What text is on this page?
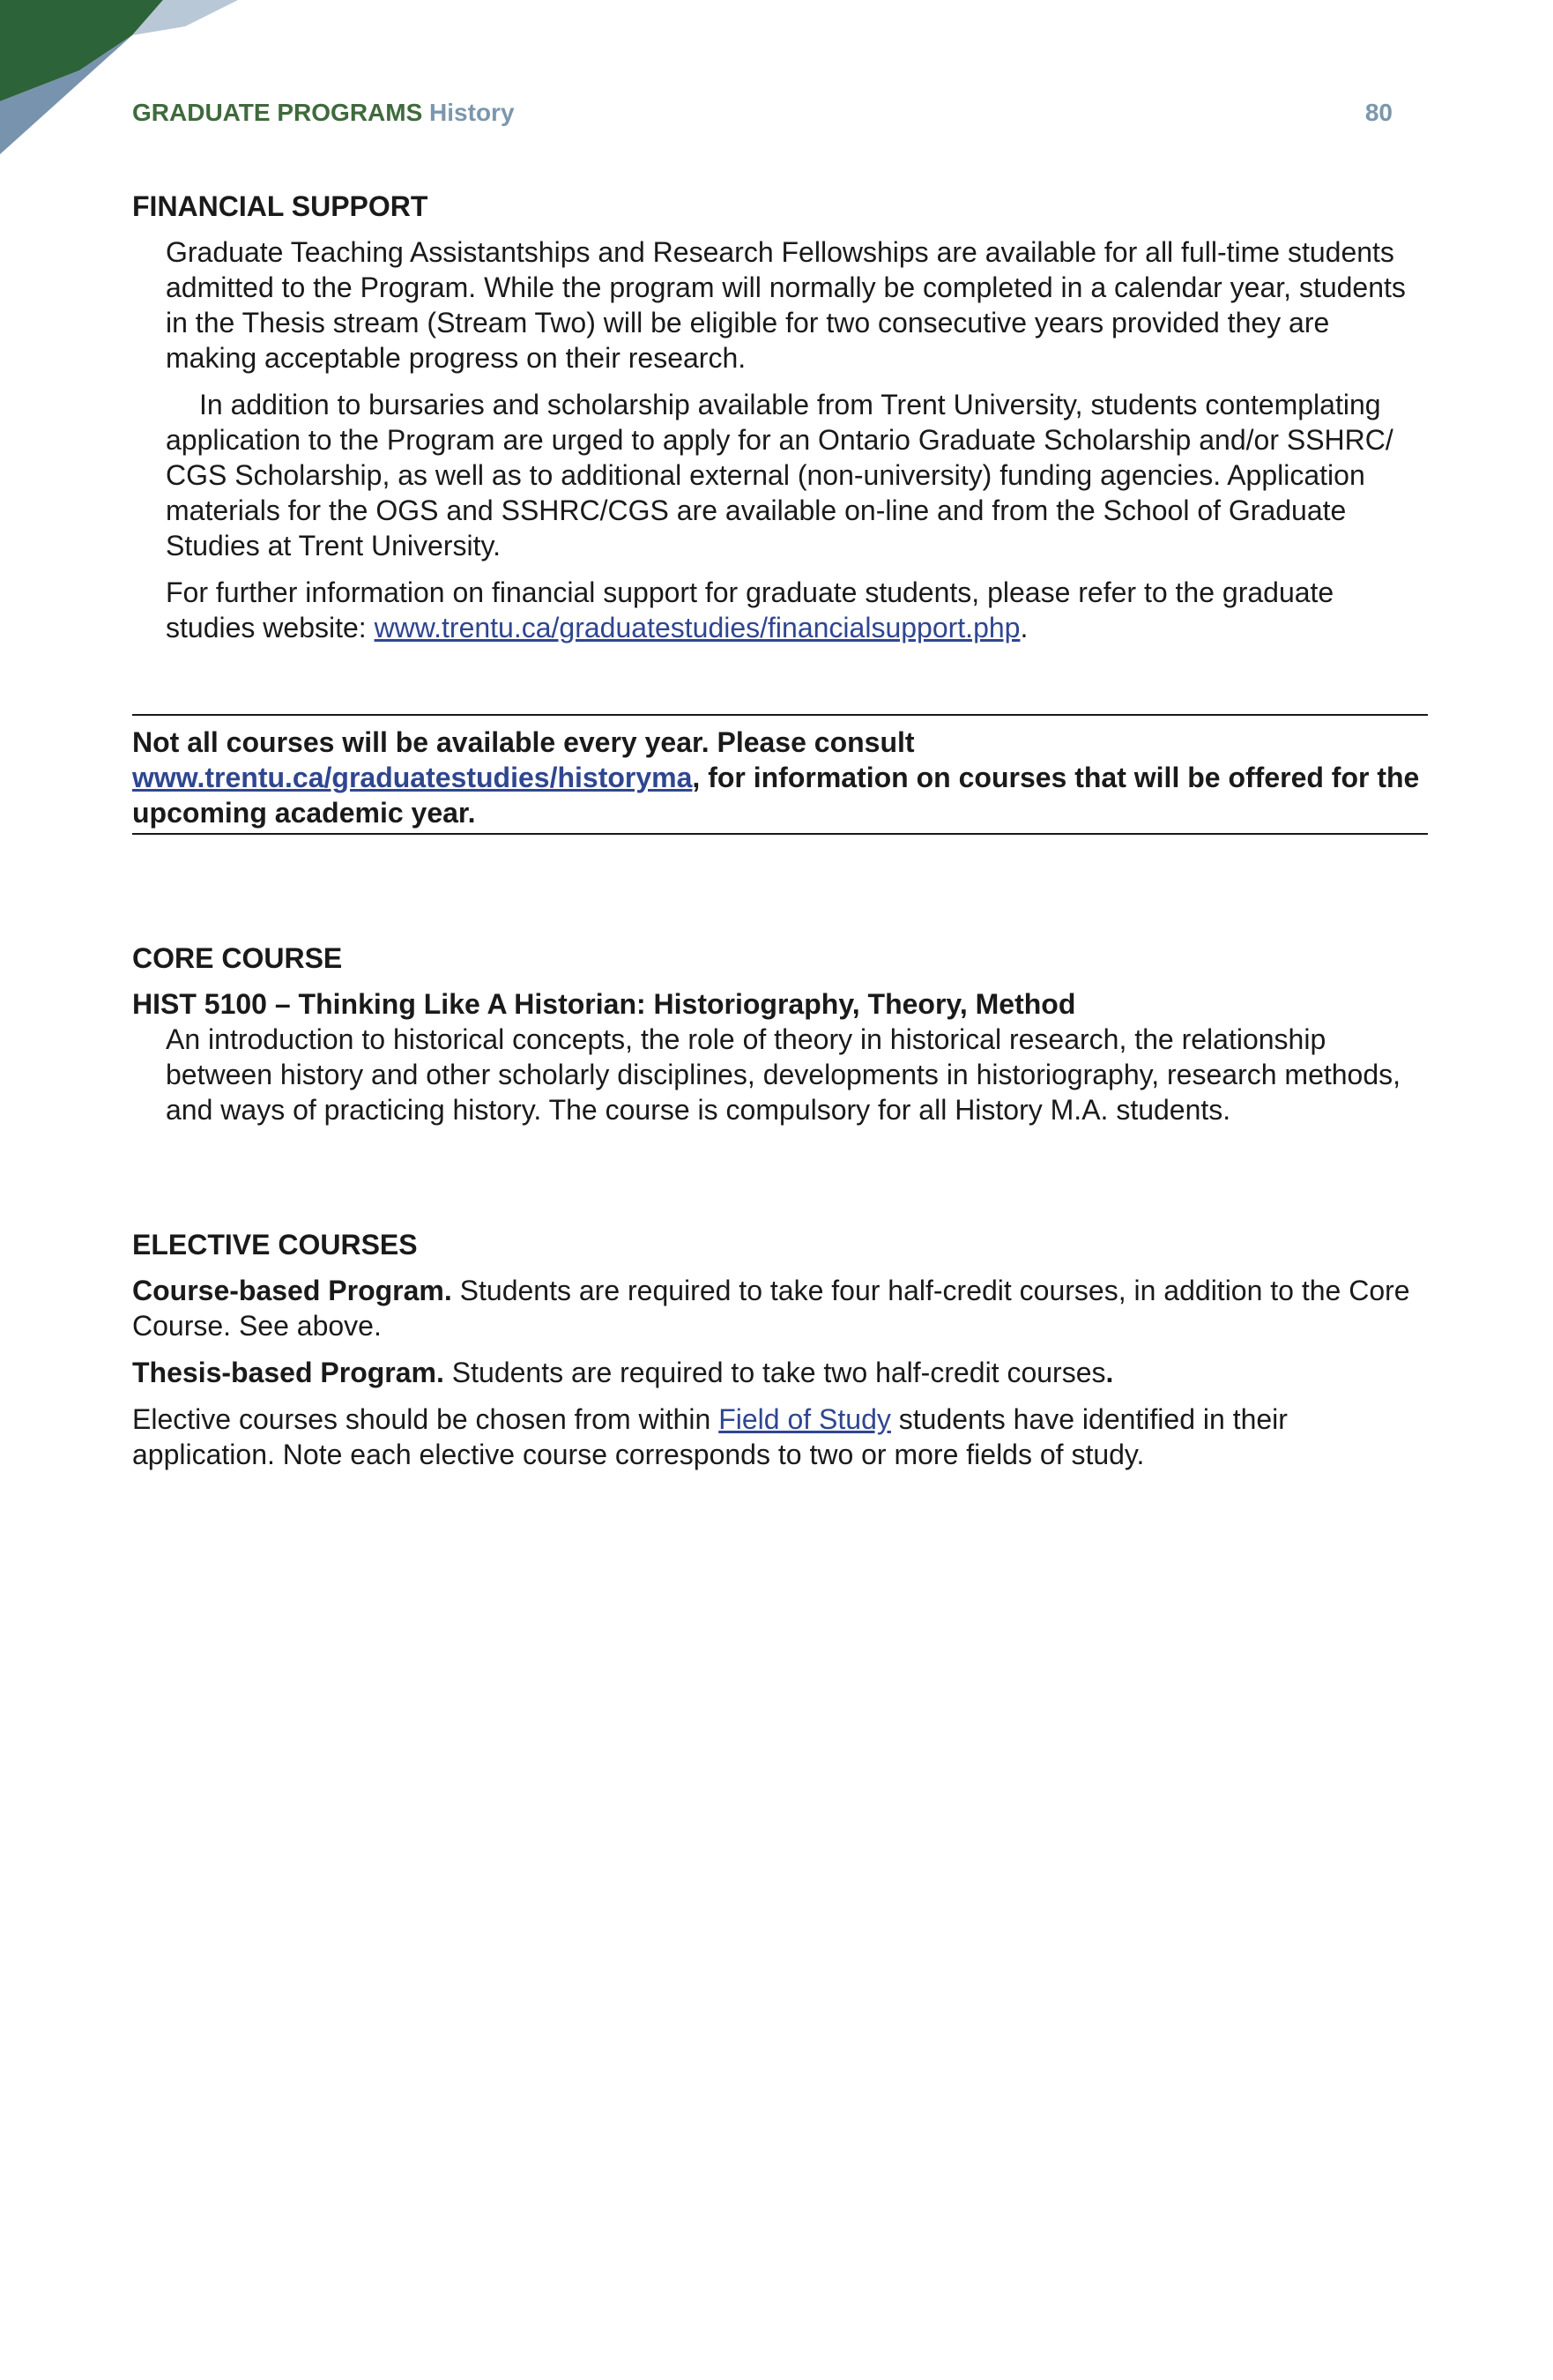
GRADUATE PROGRAMS History	80
FINANCIAL SUPPORT

Graduate Teaching Assistantships and Research Fellowships are available for all full-time students admitted to the Program. While the program will normally be completed in a calendar year, students in the Thesis stream (Stream Two) will be eligible for two consecutive years provided they are making acceptable progress on their research.

In addition to bursaries and scholarship available from Trent University, students contemplating application to the Program are urged to apply for an Ontario Graduate Scholarship and/or SSHRC/ CGS Scholarship, as well as to additional external (non-university) funding agencies. Application materials for the OGS and SSHRC/CGS are available on-line and from the School of Graduate Studies at Trent University.

For further information on financial support for graduate students, please refer to the graduate studies website: www.trentu.ca/graduatestudies/financialsupport.php.

Not all courses will be available every year. Please consult www.trentu.ca/graduatestudies/historyma, for information on courses that will be offered for the upcoming academic year.
CORE COURSE

HIST 5100 – Thinking Like A Historian: Historiography, Theory, Method

An introduction to historical concepts, the role of theory in historical research, the relationship between history and other scholarly disciplines, developments in historiography, research methods, and ways of practicing history. The course is compulsory for all History M.A. students.

ELECTIVE COURSES

Course-based Program. Students are required to take four half-credit courses, in addition to the Core Course. See above.

Thesis-based Program. Students are required to take two half-credit courses.

Elective courses should be chosen from within Field of Study students have identified in their application. Note each elective course corresponds to two or more fields of study.
